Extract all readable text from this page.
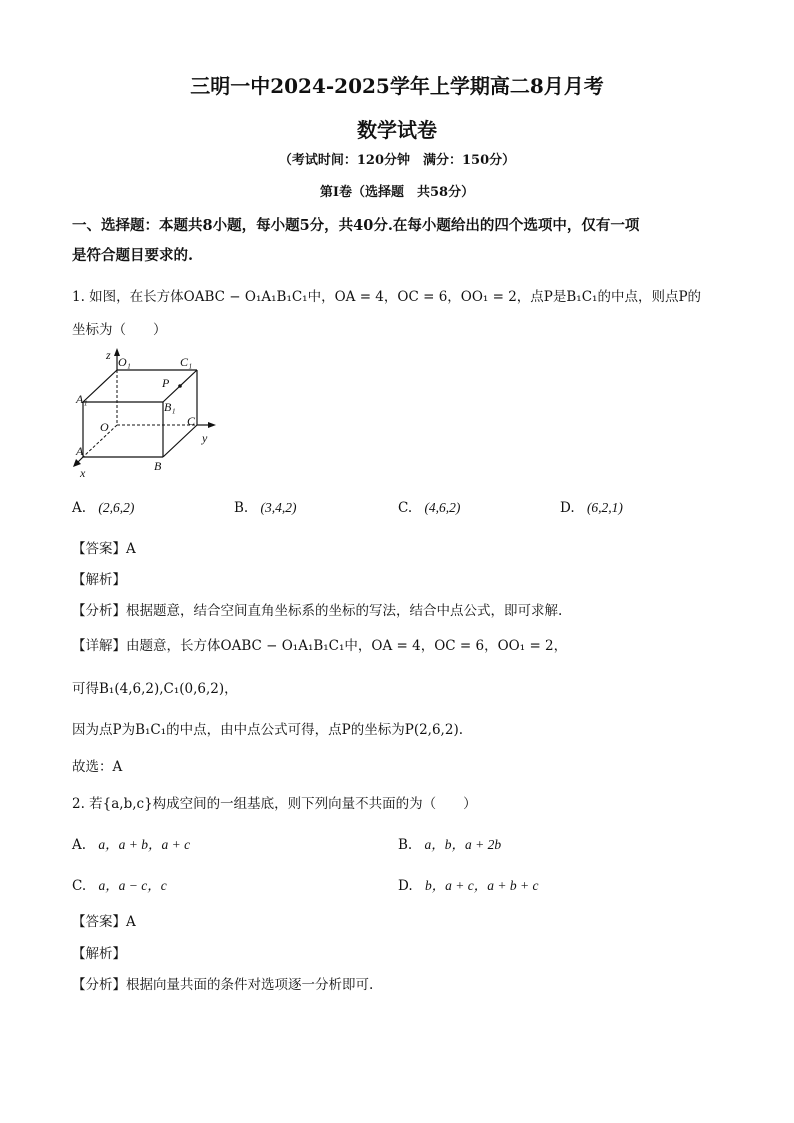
三明一中2024-2025学年上学期高二8月月考
数学试卷
（考试时间：120分钟　满分：150分）
第Ⅰ卷（选择题　共58分）
一、选择题：本题共8小题，每小题5分，共40分.在每小题给出的四个选项中，仅有一项
是符合题目要求的.
1. 如图，在长方体OABC − O₁A₁B₁C₁中，OA = 4，OC = 6，OO₁ = 2，点P是B₁C₁的中点，则点P的
坐标为（　　）
z O₁	C₁
P
A₁
B₁
O	C
y
A
B
x
A. (2,6,2)	B. (3,4,2)	C. (4,6,2)	D. (6,2,1)
【答案】A
【解析】
【分析】根据题意，结合空间直角坐标系的坐标的写法，结合中点公式，即可求解.
【详解】由题意，长方体OABC − O₁A₁B₁C₁中，OA = 4，OC = 6，OO₁ = 2，
可得B₁(4,6,2),C₁(0,6,2)，
因为点P为B₁C₁的中点，由中点公式可得，点P的坐标为P(2,6,2).
故选：A
2. 若{a,b,c}构成空间的一组基底，则下列向量不共面的为（　　）
A. a，a + b，a + c	B. a，b，a + 2b
C. a，a − c，c	D. b，a + c，a + b + c
【答案】A
【解析】
【分析】根据向量共面的条件对选项逐一分析即可.
